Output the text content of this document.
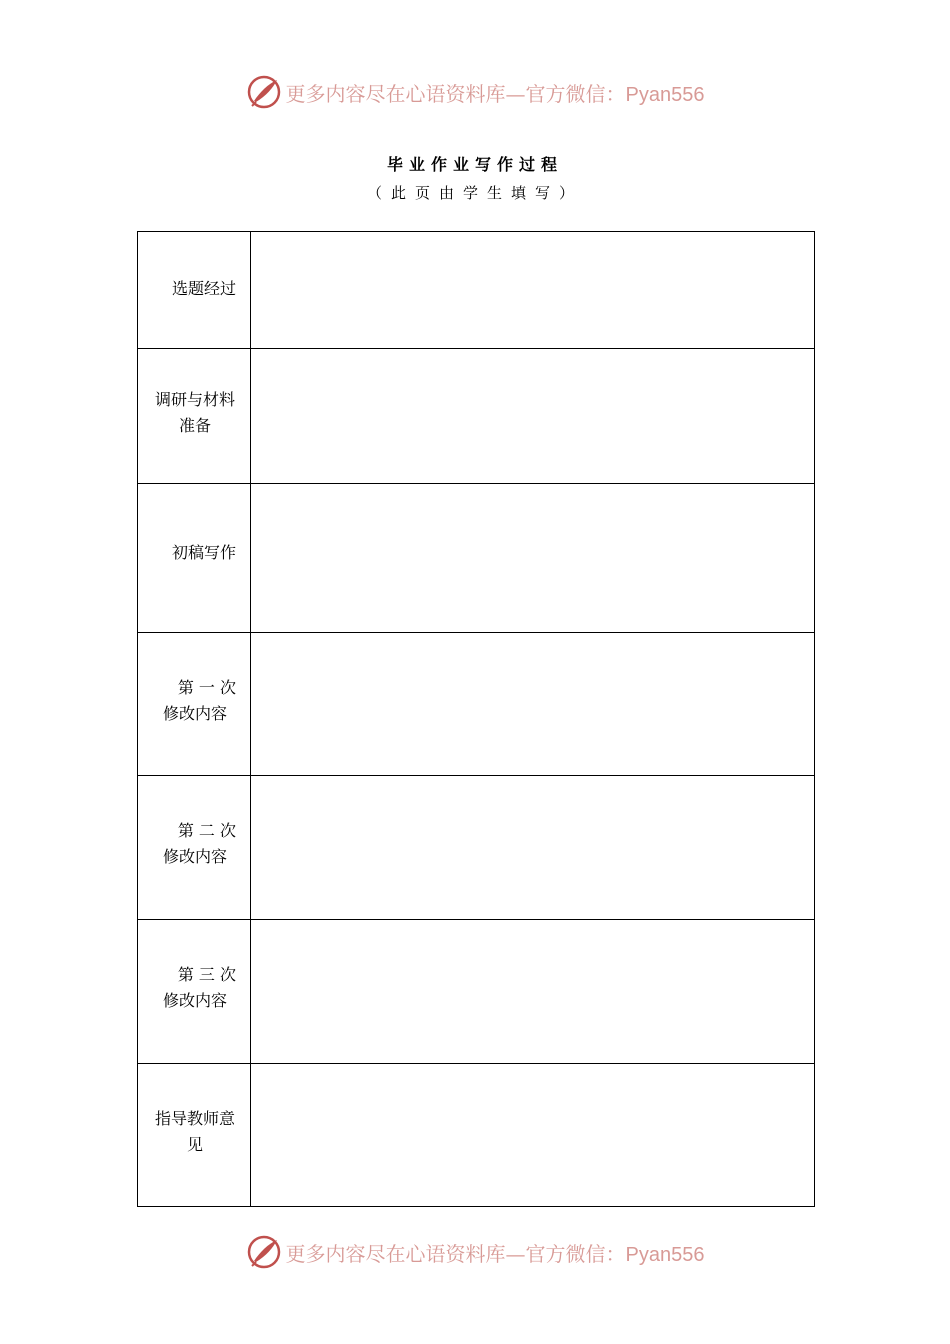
更多内容尽在心语资料库—官方微信：Pyan556
毕业作业写作过程
（此页由学生填写）
选题经过	

调研与材料
准备	

初稿写作	

第 一 次
修改内容	

第 二 次
修改内容	

第 三 次
修改内容	

指导教师意
见	

更多内容尽在心语资料库—官方微信：Pyan556
